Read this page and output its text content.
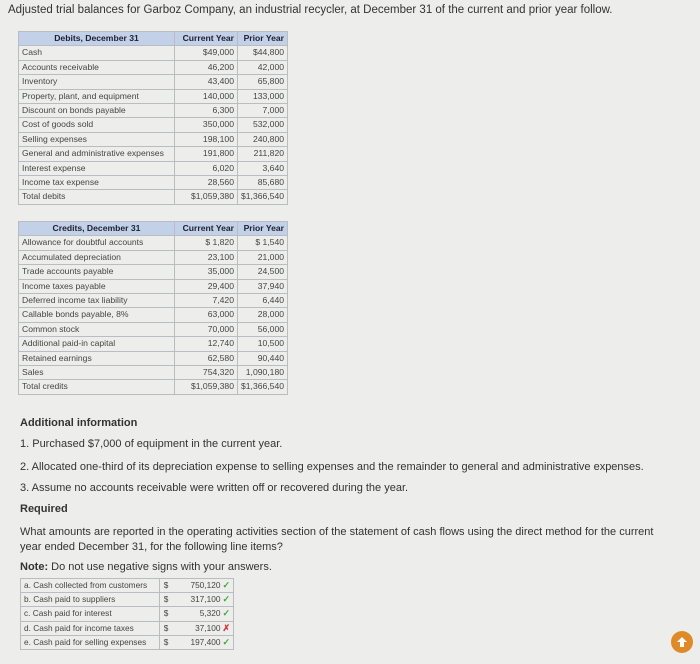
Adjusted trial balances for Garboz Company, an industrial recycler, at December 31 of the current and prior year follow.
Debits, December 31	Current Year	Prior Year
Cash	$49,000	$44,800
Accounts receivable	46,200	42,000
Inventory	43,400	65,800
Property, plant, and equipment	140,000	133,000
Discount on bonds payable	6,300	7,000
Cost of goods sold	350,000	532,000
Selling expenses	198,100	240,800
General and administrative expenses	191,800	211,820
Interest expense	6,020	3,640
Income tax expense	28,560	85,680
Total debits	$1,059,380	$1,366,540
Credits, December 31	Current Year	Prior Year
Allowance for doubtful accounts	$ 1,820	$ 1,540
Accumulated depreciation	23,100	21,000
Trade accounts payable	35,000	24,500
Income taxes payable	29,400	37,940
Deferred income tax liability	7,420	6,440
Callable bonds payable, 8%	63,000	28,000
Common stock	70,000	56,000
Additional paid-in capital	12,740	10,500
Retained earnings	62,580	90,440
Sales	754,320	1,090,180
Total credits	$1,059,380	$1,366,540
Additional information
1. Purchased $7,000 of equipment in the current year.
2. Allocated one-third of its depreciation expense to selling expenses and the remainder to general and administrative expenses.
3. Assume no accounts receivable were written off or recovered during the year.
Required
What amounts are reported in the operating activities section of the statement of cash flows using the direct method for the current
year ended December 31, for the following line items?
Note: Do not use negative signs with your answers.
a. Cash collected from customers	$	750,120 ✓
b. Cash paid to suppliers	$	317,100 ✓
c. Cash paid for interest	$	5,320 ✓
d. Cash paid for income taxes	$	37,100 ✗
e. Cash paid for selling expenses	$	197,400 ✓
